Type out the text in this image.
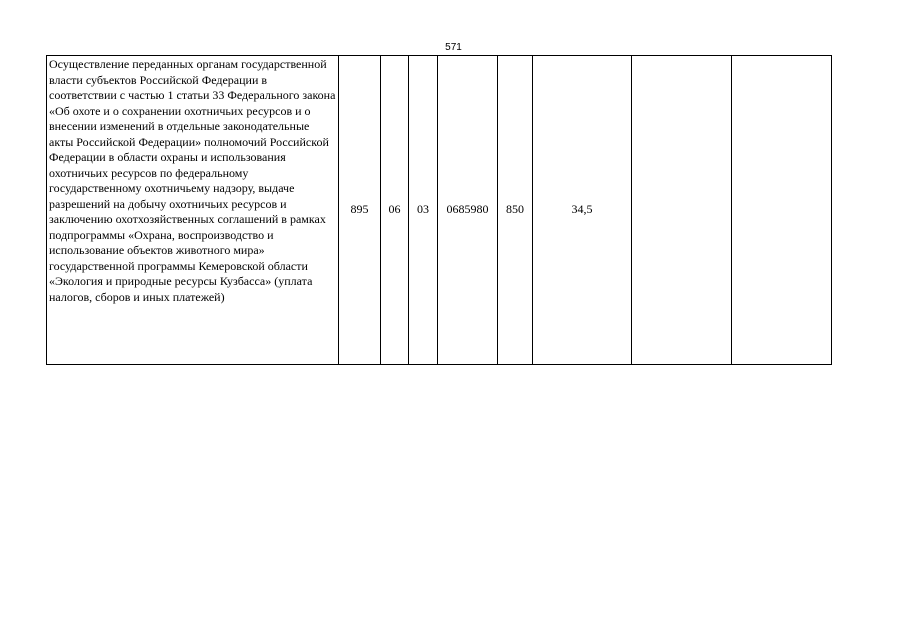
571
Осуществление переданных органам государственной власти субъектов Российской Федерации в соответствии с частью 1 статьи 33 Федерального закона «Об охоте и о сохранении охотничьих ресурсов и о внесении изменений в отдельные законодательные акты Российской Федерации» полномочий Российской Федерации в области охраны и использования охотничьих ресурсов по федеральному государственному охотничьему надзору, выдаче разрешений на добычу охотничьих ресурсов и заключению охотхозяйственных соглашений в рамках подпрограммы «Охрана, воспроизводство и использование объектов животного мира» государственной программы Кемеровской области «Экология и природные ресурсы Кузбасса» (уплата налогов, сборов и иных платежей)	895	06	03	0685980	850	34,5		
